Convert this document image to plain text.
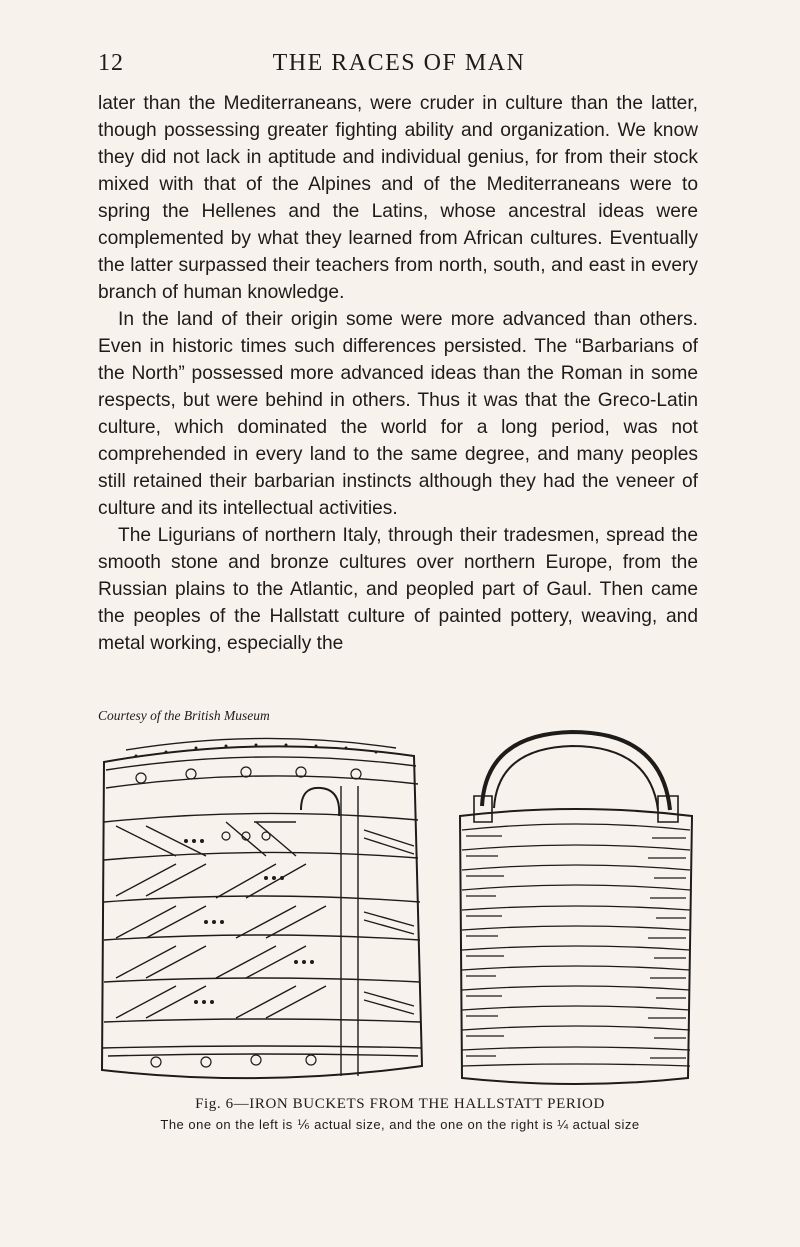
12	THE RACES OF MAN

later than the Mediterraneans, were cruder in culture than the latter, though possessing greater fighting ability and organization. We know they did not lack in aptitude and individual genius, for from their stock mixed with that of the Alpines and of the Mediterraneans were to spring the Hellenes and the Latins, whose ancestral ideas were complemented by what they learned from African cultures. Eventually the latter surpassed their teachers from north, south, and east in every branch of human knowledge.

In the land of their origin some were more advanced than others. Even in historic times such differences persisted. The “Barbarians of the North” possessed more advanced ideas than the Roman in some respects, but were behind in others. Thus it was that the Greco-Latin culture, which dominated the world for a long period, was not comprehended in every land to the same degree, and many peoples still retained their barbarian instincts although they had the veneer of culture and its intellectual activities.

The Ligurians of northern Italy, through their tradesmen, spread the smooth stone and bronze cultures over northern Europe, from the Russian plains to the Atlantic, and peopled part of Gaul. Then came the peoples of the Hallstatt culture of painted pottery, weaving, and metal working, especially the

Courtesy of the British Museum
Fig. 6—IRON BUCKETS FROM THE HALLSTATT PERIOD
The one on the left is ⅙ actual size, and the one on the right is ¼ actual size
